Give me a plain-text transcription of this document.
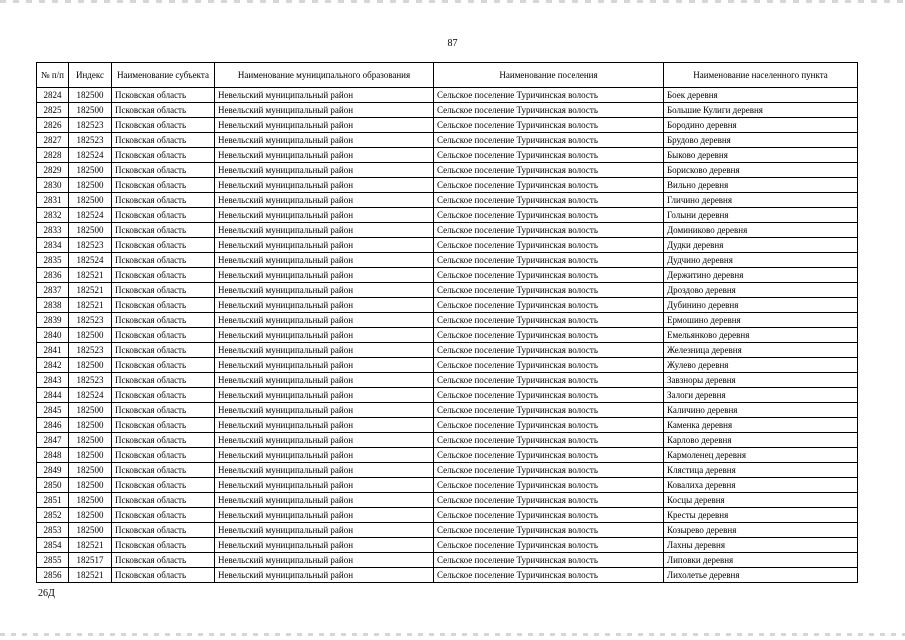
87
№ п/п	Индекс	Наименование субъекта	Наименование муниципального образования	Наименование поселения	Наименование населенного пункта
2824	182500	Псковская область	Невельский муниципальный район	Сельское поселение Туричинская волость	Боек деревня
2825	182500	Псковская область	Невельский муниципальный район	Сельское поселение Туричинская волость	Большие Кулиги деревня
2826	182523	Псковская область	Невельский муниципальный район	Сельское поселение Туричинская волость	Бородино деревня
2827	182523	Псковская область	Невельский муниципальный район	Сельское поселение Туричинская волость	Брудово деревня
2828	182524	Псковская область	Невельский муниципальный район	Сельское поселение Туричинская волость	Быково деревня
2829	182500	Псковская область	Невельский муниципальный район	Сельское поселение Туричинская волость	Борисково деревня
2830	182500	Псковская область	Невельский муниципальный район	Сельское поселение Туричинская волость	Вильно деревня
2831	182500	Псковская область	Невельский муниципальный район	Сельское поселение Туричинская волость	Гличино деревня
2832	182524	Псковская область	Невельский муниципальный район	Сельское поселение Туричинская волость	Голыни деревня
2833	182500	Псковская область	Невельский муниципальный район	Сельское поселение Туричинская волость	Доминиково деревня
2834	182523	Псковская область	Невельский муниципальный район	Сельское поселение Туричинская волость	Дудки деревня
2835	182524	Псковская область	Невельский муниципальный район	Сельское поселение Туричинская волость	Дудчино деревня
2836	182521	Псковская область	Невельский муниципальный район	Сельское поселение Туричинская волость	Держитино деревня
2837	182521	Псковская область	Невельский муниципальный район	Сельское поселение Туричинская волость	Дроздово деревня
2838	182521	Псковская область	Невельский муниципальный район	Сельское поселение Туричинская волость	Дубинино деревня
2839	182523	Псковская область	Невельский муниципальный район	Сельское поселение Туричинская волость	Ермошино деревня
2840	182500	Псковская область	Невельский муниципальный район	Сельское поселение Туричинская волость	Емельянково деревня
2841	182523	Псковская область	Невельский муниципальный район	Сельское поселение Туричинская волость	Железница деревня
2842	182500	Псковская область	Невельский муниципальный район	Сельское поселение Туричинская волость	Жулево деревня
2843	182523	Псковская область	Невельский муниципальный район	Сельское поселение Туричинская волость	Завзноры деревня
2844	182524	Псковская область	Невельский муниципальный район	Сельское поселение Туричинская волость	Залоги деревня
2845	182500	Псковская область	Невельский муниципальный район	Сельское поселение Туричинская волость	Каличино деревня
2846	182500	Псковская область	Невельский муниципальный район	Сельское поселение Туричинская волость	Каменка деревня
2847	182500	Псковская область	Невельский муниципальный район	Сельское поселение Туричинская волость	Карлово деревня
2848	182500	Псковская область	Невельский муниципальный район	Сельское поселение Туричинская волость	Кармоленец деревня
2849	182500	Псковская область	Невельский муниципальный район	Сельское поселение Туричинская волость	Клястица деревня
2850	182500	Псковская область	Невельский муниципальный район	Сельское поселение Туричинская волость	Ковалиха деревня
2851	182500	Псковская область	Невельский муниципальный район	Сельское поселение Туричинская волость	Косцы деревня
2852	182500	Псковская область	Невельский муниципальный район	Сельское поселение Туричинская волость	Кресты деревня
2853	182500	Псковская область	Невельский муниципальный район	Сельское поселение Туричинская волость	Козырево деревня
2854	182521	Псковская область	Невельский муниципальный район	Сельское поселение Туричинская волость	Лахны деревня
2855	182517	Псковская область	Невельский муниципальный район	Сельское поселение Туричинская волость	Липовки деревня
2856	182521	Псковская область	Невельский муниципальный район	Сельское поселение Туричинская волость	Лихолетье деревня
26Д
